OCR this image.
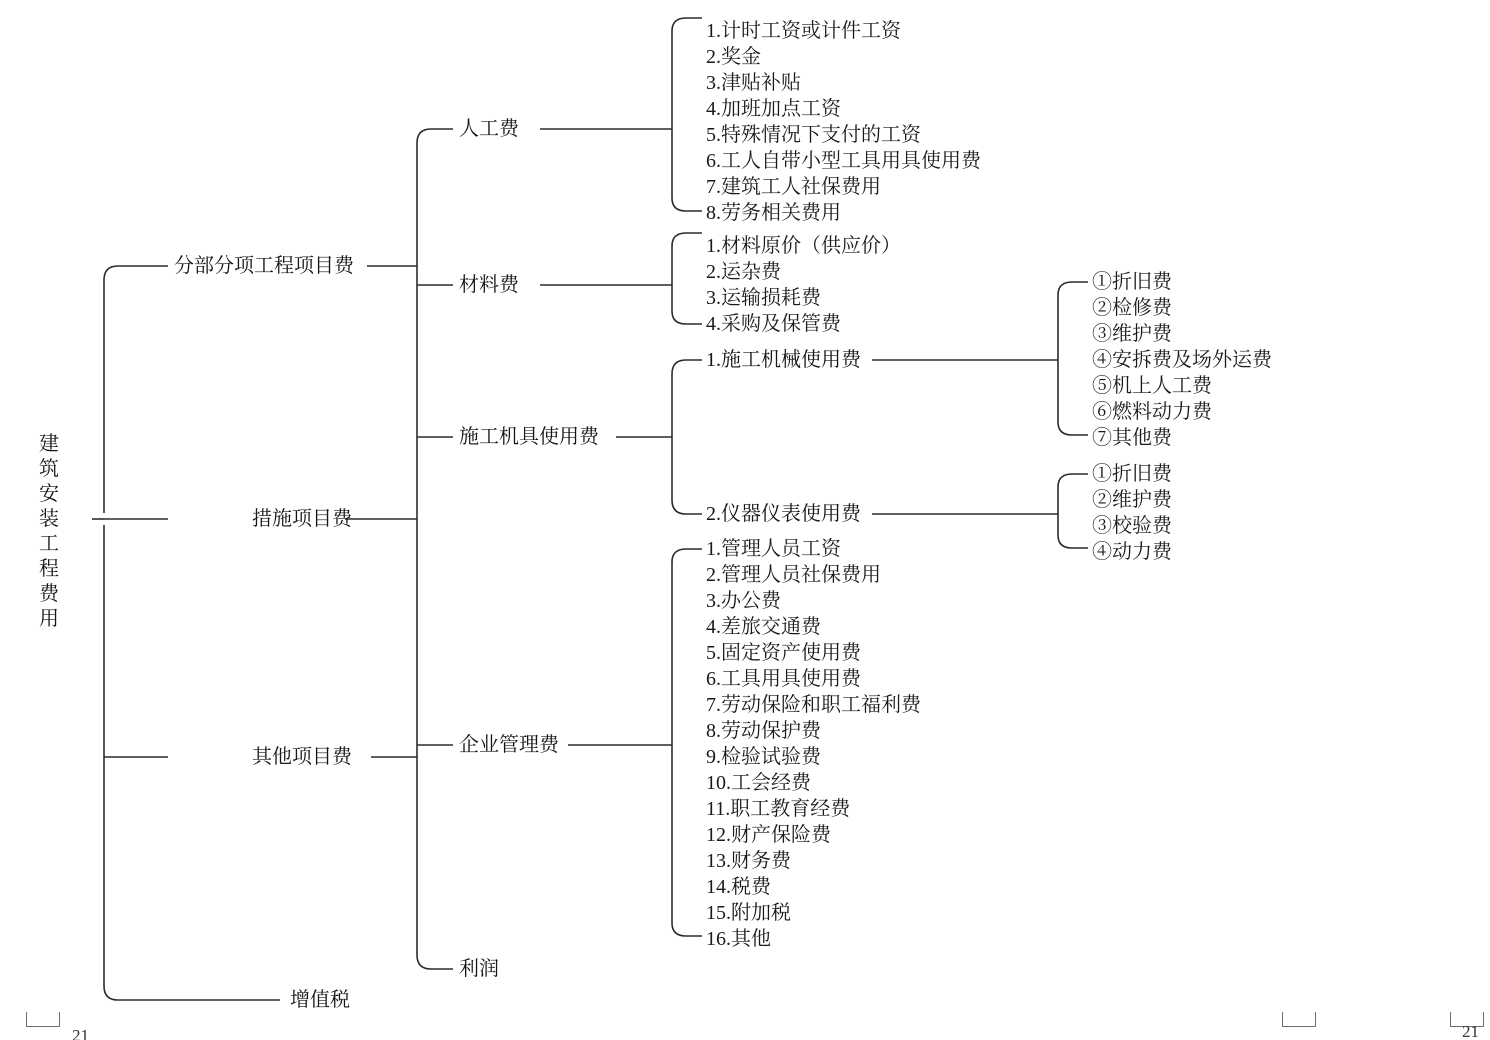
建
筑
安
装
工
程
费
用
分部分项工程项目费
措施项目费
其他项目费
增值税
人工费
材料费
施工机具使用费
企业管理费
利润
1.计时工资或计件工资
2.奖金
3.津贴补贴
4.加班加点工资
5.特殊情况下支付的工资
6.工人自带小型工具用具使用费
7.建筑工人社保费用
8.劳务相关费用
1.材料原价（供应价）
2.运杂费
3.运输损耗费
4.采购及保管费
1.施工机械使用费
2.仪器仪表使用费
①折旧费
②检修费
③维护费
④安拆费及场外运费
⑤机上人工费
⑥燃料动力费
⑦其他费
①折旧费
②维护费
③校验费
④动力费
1.管理人员工资
2.管理人员社保费用
3.办公费
4.差旅交通费
5.固定资产使用费
6.工具用具使用费
7.劳动保险和职工福利费
8.劳动保护费
9.检验试验费
10.工会经费
11.职工教育经费
12.财产保险费
13.财务费
14.税费
15.附加税
16.其他
21	21
